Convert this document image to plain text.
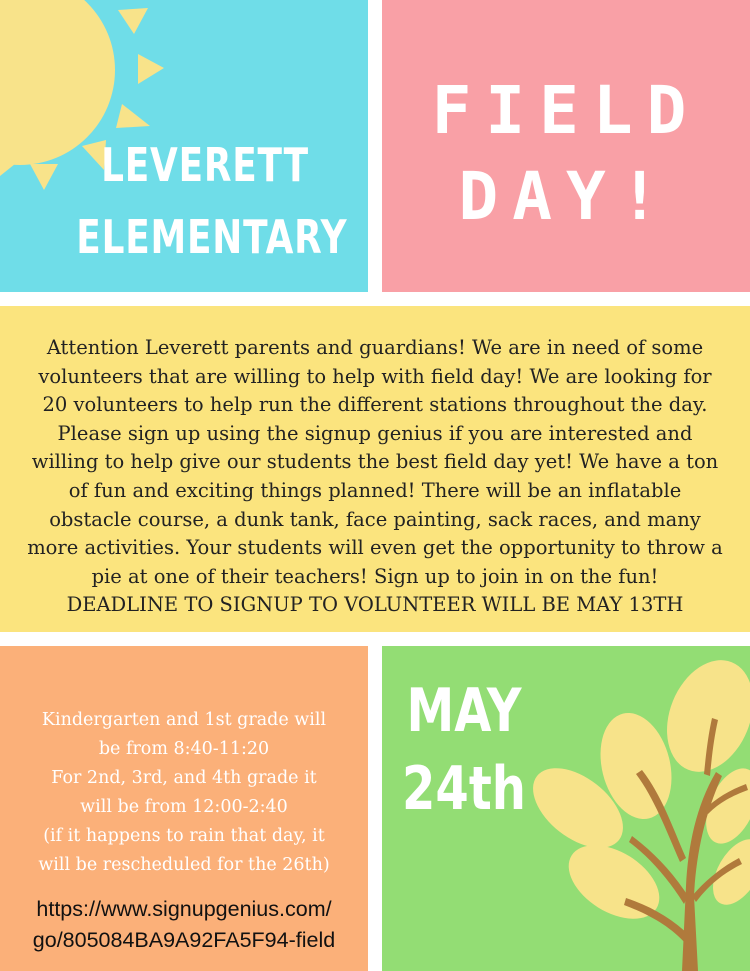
LEVERETT
ELEMENTARY
FIELD
DAY!
Attention Leverett parents and guardians! We are in need of some volunteers that are willing to help with field day! We are looking for 20 volunteers to help run the different stations throughout the day. Please sign up using the signup genius if you are interested and willing to help give our students the best field day yet! We have a ton of fun and exciting things planned! There will be an inflatable obstacle course, a dunk tank, face painting, sack races, and many more activities. Your students will even get the opportunity to throw a pie at one of their teachers! Sign up to join in on the fun!
DEADLINE TO SIGNUP TO VOLUNTEER WILL BE MAY 13TH
Kindergarten and 1st grade will
be from 8:40-11:20
For 2nd, 3rd, and 4th grade it
will be from 12:00-2:40
(if it happens to rain that day, it
will be rescheduled for the 26th)
https://www.signupgenius.com/
go/805084BA9A92FA5F94-field
MAY
24th
